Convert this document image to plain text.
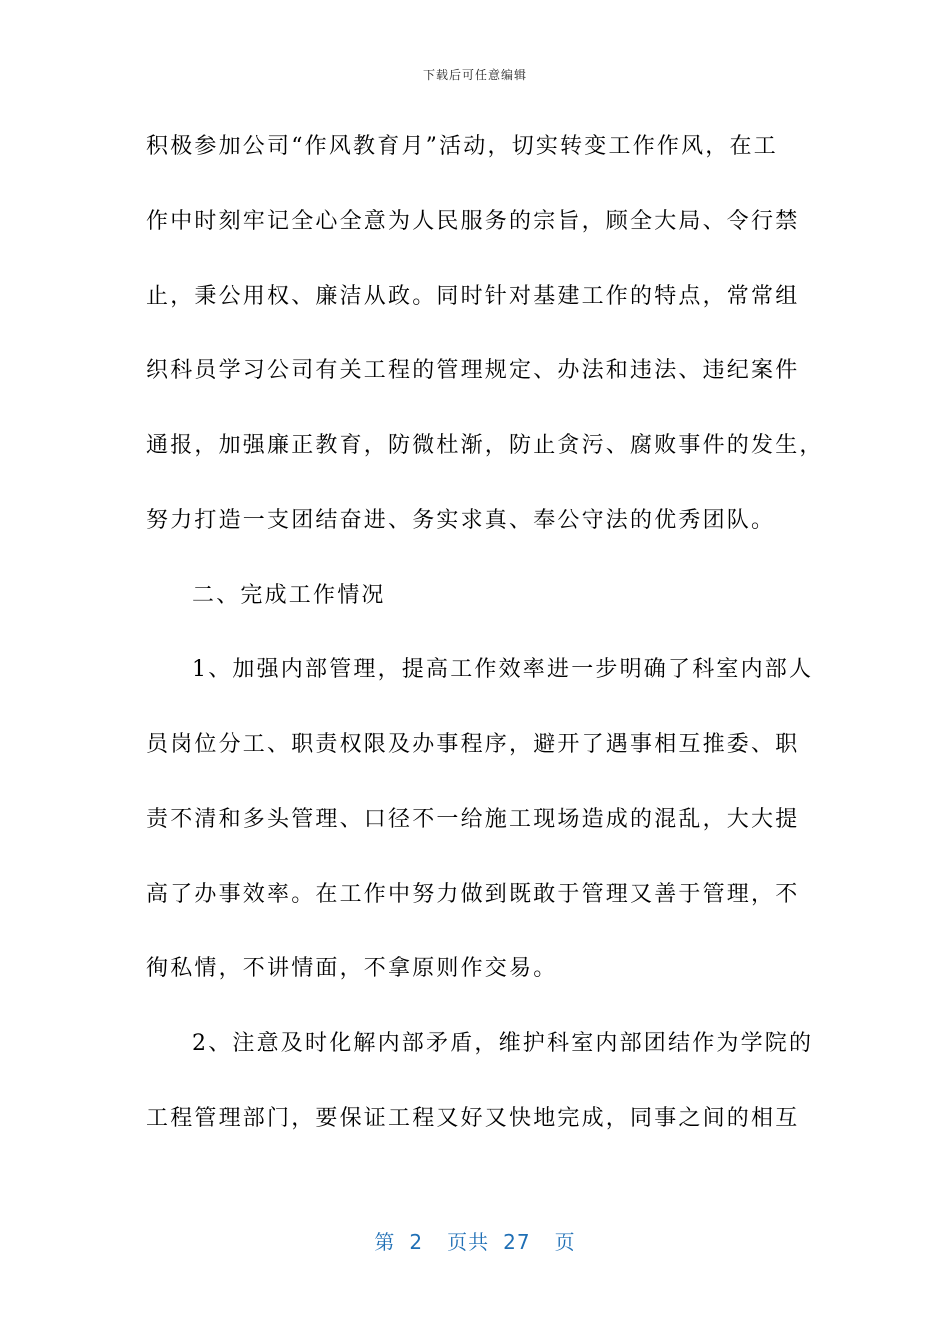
下载后可任意编辑
积极参加公司“作风教育月”活动，切实转变工作作风，在工
作中时刻牢记全心全意为人民服务的宗旨，顾全大局、令行禁
止，秉公用权、廉洁从政。同时针对基建工作的特点，常常组
织科员学习公司有关工程的管理规定、办法和违法、违纪案件
通报，加强廉正教育，防微杜渐，防止贪污、腐败事件的发生，
努力打造一支团结奋进、务实求真、奉公守法的优秀团队。
二、完成工作情况
1、加强内部管理，提高工作效率进一步明确了科室内部人
员岗位分工、职责权限及办事程序，避开了遇事相互推委、职
责不清和多头管理、口径不一给施工现场造成的混乱，大大提
高了办事效率。在工作中努力做到既敢于管理又善于管理，不
徇私情，不讲情面，不拿原则作交易。
2、注意及时化解内部矛盾，维护科室内部团结作为学院的
工程管理部门，要保证工程又好又快地完成，同事之间的相互
第 2 页共 27 页
